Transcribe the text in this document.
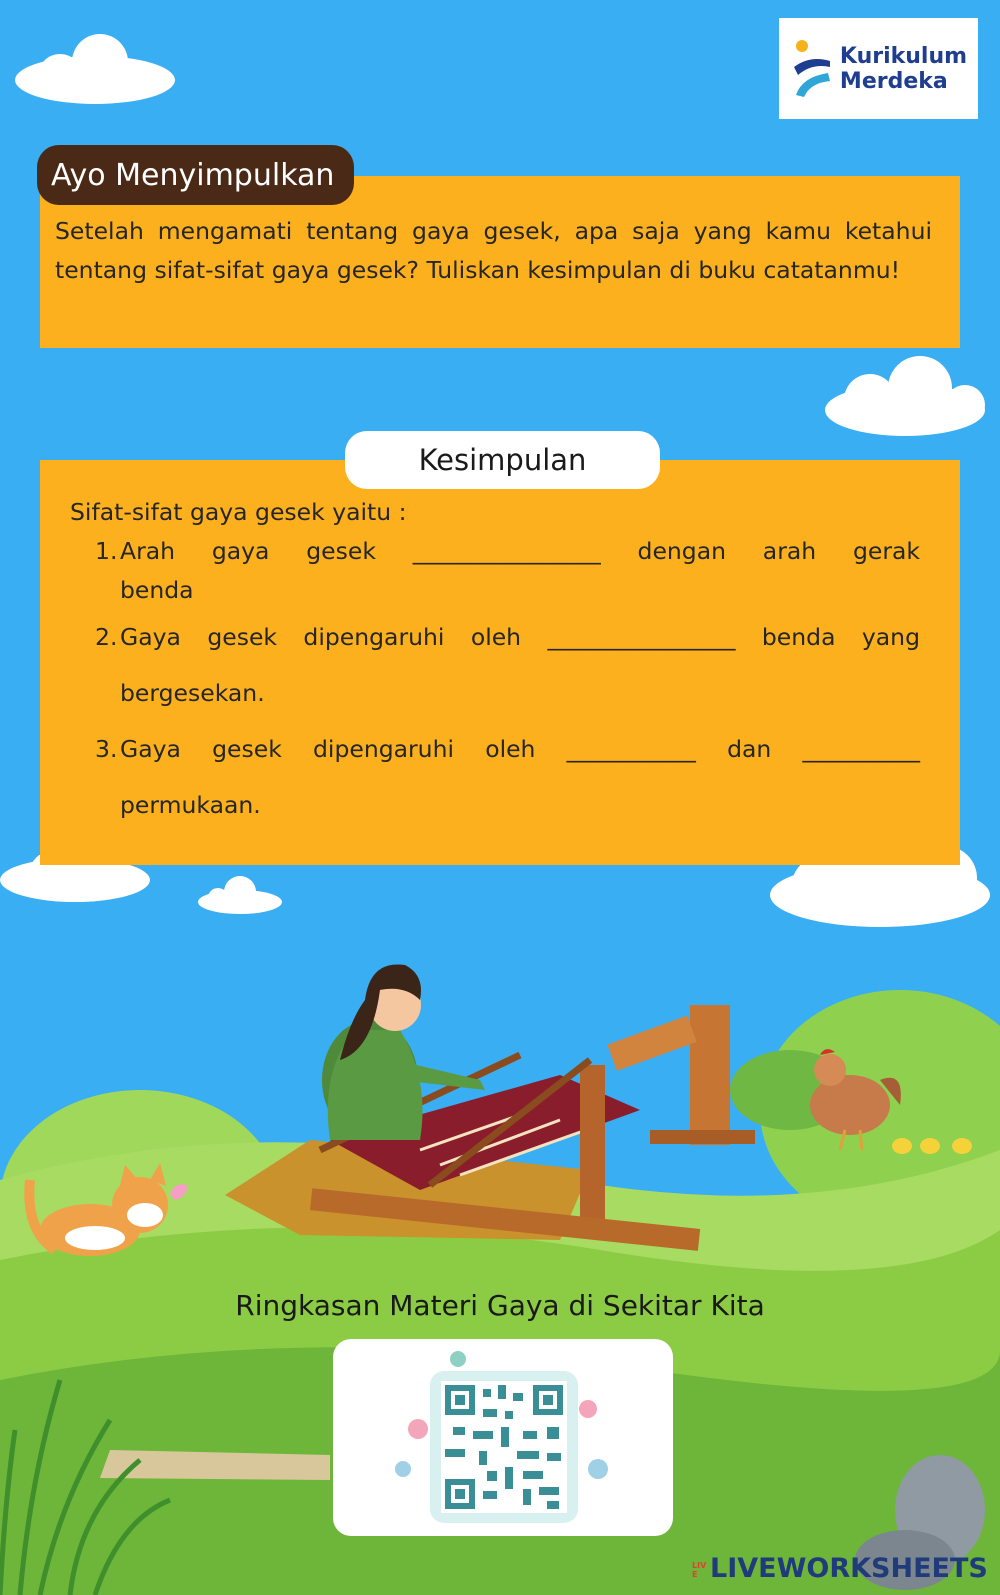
Kurikulum
Merdeka
Setelah mengamati tentang gaya gesek, apa saja yang kamu ketahui tentang sifat-sifat gaya gesek? Tuliskan kesimpulan di buku catatanmu!
Ayo Menyimpulkan
Sifat-sifat gaya gesek yaitu :
1. Arah gaya gesek ________________ dengan arah gerak
benda
2. Gaya gesek dipengaruhi oleh ________________ benda yang
bergesekan.
3. Gaya gesek dipengaruhi oleh ___________ dan __________
permukaan.
Kesimpulan
Ringkasan Materi Gaya di Sekitar Kita
LIVE LIVEWORKSHEETS
